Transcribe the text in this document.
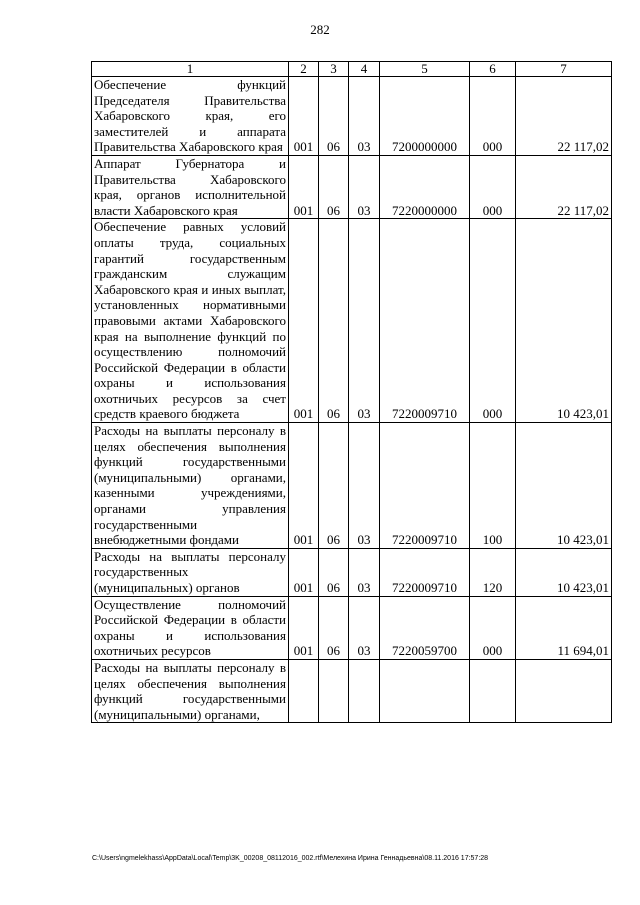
282
1	2	3	4	5	6	7
Обеспечение функций Председателя Правительства Хабаровского края, его заместителей и аппарата Правительства Хабаровского края	001	06	03	7200000000	000	22 117,02
Аппарат Губернатора и Правительства Хабаровского края, органов исполнительной власти Хабаровского края	001	06	03	7220000000	000	22 117,02
Обеспечение равных условий оплаты труда, социальных гарантий государственным гражданским служащим Хабаровского края и иных выплат, установленных нормативными правовыми актами Хабаровского края на выполнение функций по осуществлению полномочий Российской Федерации в области охраны и использования охотничьих ресурсов за счет средств краевого бюджета	001	06	03	7220009710	000	10 423,01
Расходы на выплаты персоналу в целях обеспечения выполнения функций государственными (муниципальными) органами, казенными учреждениями, органами управления государственными внебюджетными фондами	001	06	03	7220009710	100	10 423,01
Расходы на выплаты персоналу государственных (муниципальных) органов	001	06	03	7220009710	120	10 423,01
Осуществление полномочий Российской Федерации в области охраны и использования охотничьих ресурсов	001	06	03	7220059700	000	11 694,01
Расходы на выплаты персоналу в целях обеспечения выполнения функций государственными (муниципальными) органами,						
C:\Users\ngmelekhass\AppData\Local\Temp\3K_00208_08112016_002.rtf\Мелехина Ирина Геннадьевна\08.11.2016 17:57:28
